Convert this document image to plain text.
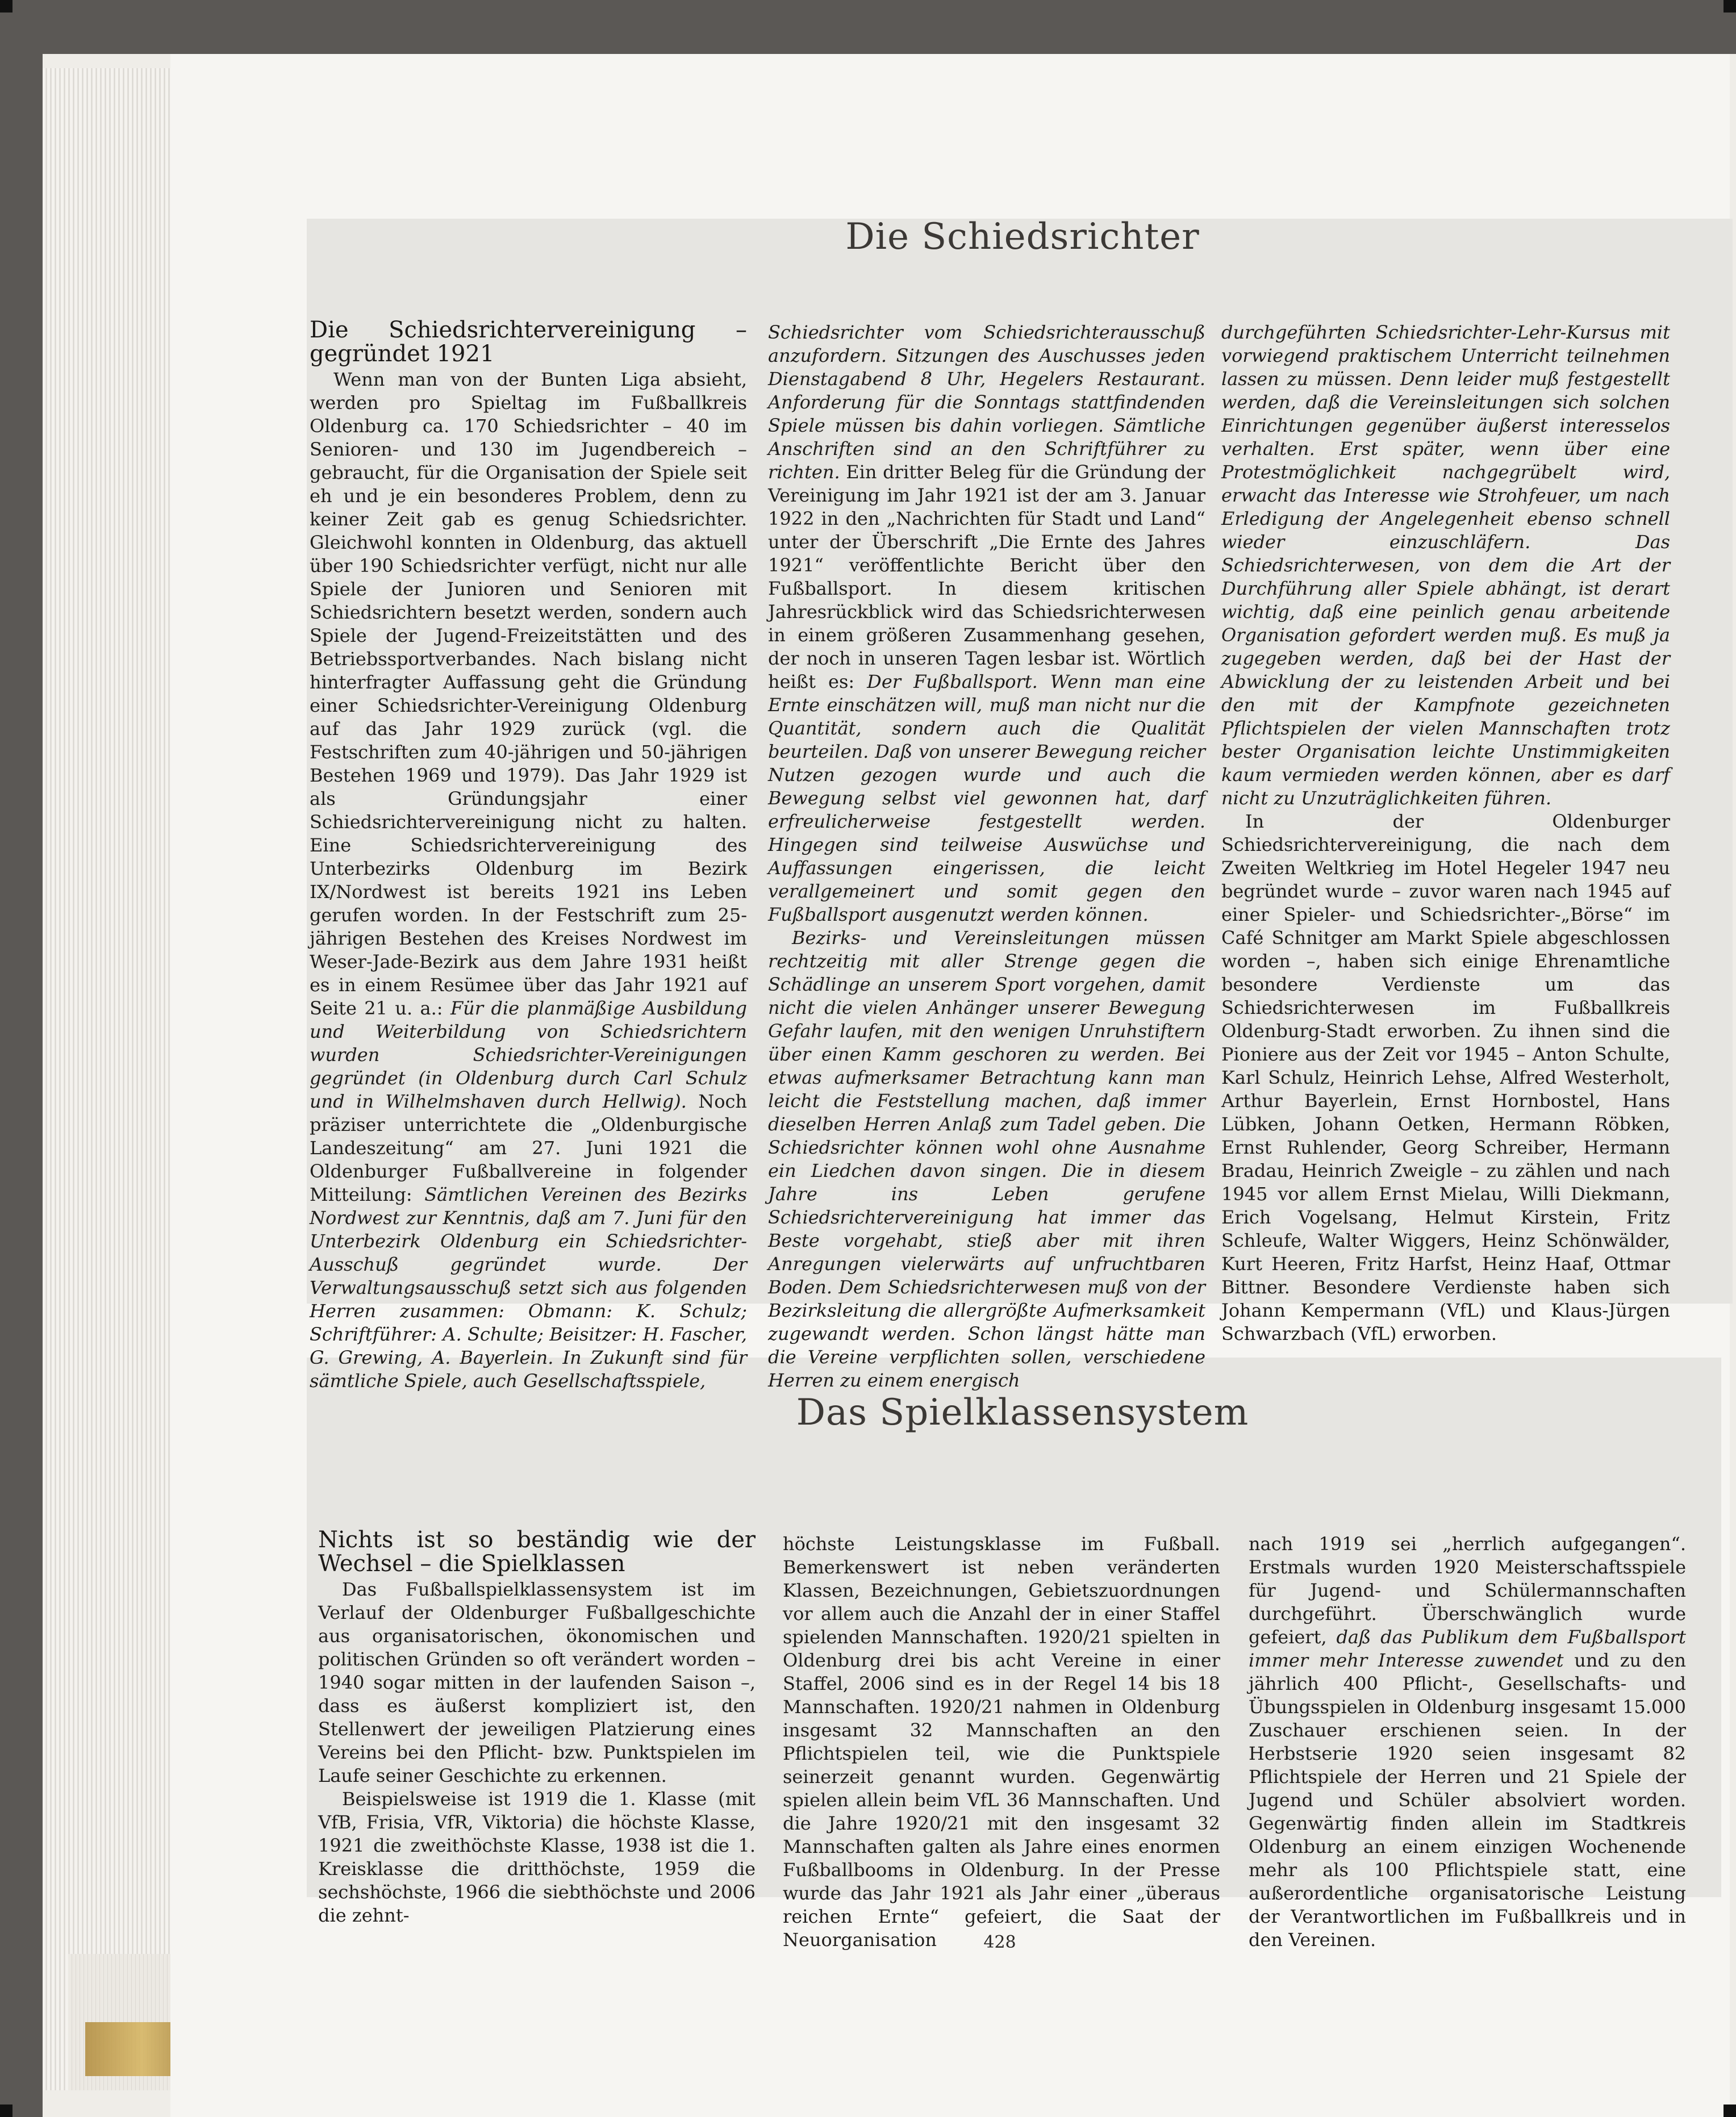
Die Schiedsrichter
Die Schiedsrichtervereinigung – gegründet 1921

Wenn man von der Bunten Liga absieht, werden pro Spieltag im Fußballkreis Oldenburg ca. 170 Schiedsrichter – 40 im Senioren- und 130 im Jugendbereich – gebraucht, für die Organisation der Spiele seit eh und je ein besonderes Problem, denn zu keiner Zeit gab es genug Schiedsrichter. Gleichwohl konnten in Oldenburg, das aktuell über 190 Schiedsrichter verfügt, nicht nur alle Spiele der Junioren und Senioren mit Schiedsrichtern besetzt werden, sondern auch Spiele der Jugend-Freizeitstätten und des Betriebssportverbandes. Nach bislang nicht hinterfragter Auffassung geht die Gründung einer Schiedsrichter-Vereinigung Oldenburg auf das Jahr 1929 zurück (vgl. die Festschriften zum 40-jährigen und 50-jährigen Bestehen 1969 und 1979). Das Jahr 1929 ist als Gründungsjahr einer Schiedsrichtervereinigung nicht zu halten. Eine Schiedsrichtervereinigung des Unterbezirks Oldenburg im Bezirk IX/Nordwest ist bereits 1921 ins Leben gerufen worden. In der Festschrift zum 25-jährigen Bestehen des Kreises Nordwest im Weser-Jade-Bezirk aus dem Jahre 1931 heißt es in einem Resümee über das Jahr 1921 auf Seite 21 u. a.: Für die planmäßige Ausbildung und Weiterbildung von Schiedsrichtern wurden Schiedsrichter-Vereinigungen gegründet (in Oldenburg durch Carl Schulz und in Wilhelmshaven durch Hellwig). Noch präziser unterrichtete die „Oldenburgische Landeszeitung“ am 27. Juni 1921 die Oldenburger Fußballvereine in folgender Mitteilung: Sämtlichen Vereinen des Bezirks Nordwest zur Kenntnis, daß am 7. Juni für den Unterbezirk Oldenburg ein Schiedsrichter-Ausschuß gegründet wurde. Der Verwaltungsausschuß setzt sich aus folgenden Herren zusammen: Obmann: K. Schulz; Schriftführer: A. Schulte; Beisitzer: H. Fascher, G. Grewing, A. Bayerlein. In Zukunft sind für sämtliche Spiele, auch Gesellschaftsspiele,

Schiedsrichter vom Schiedsrichterausschuß anzufordern. Sitzungen des Auschusses jeden Dienstagabend 8 Uhr, Hegelers Restaurant. Anforderung für die Sonntags stattfindenden Spiele müssen bis dahin vorliegen. Sämtliche Anschriften sind an den Schriftführer zu richten. Ein dritter Beleg für die Gründung der Vereinigung im Jahr 1921 ist der am 3. Januar 1922 in den „Nachrichten für Stadt und Land“ unter der Überschrift „Die Ernte des Jahres 1921“ veröffentlichte Bericht über den Fußballsport. In diesem kritischen Jahresrückblick wird das Schiedsrichterwesen in einem größeren Zusammenhang gesehen, der noch in unseren Tagen lesbar ist. Wörtlich heißt es: Der Fußballsport. Wenn man eine Ernte einschätzen will, muß man nicht nur die Quantität, sondern auch die Qualität beurteilen. Daß von unserer Bewegung reicher Nutzen gezogen wurde und auch die Bewegung selbst viel gewonnen hat, darf erfreulicherweise festgestellt werden. Hingegen sind teilweise Auswüchse und Auffassungen eingerissen, die leicht verallgemeinert und somit gegen den Fußballsport ausgenutzt werden können.

Bezirks- und Vereinsleitungen müssen rechtzeitig mit aller Strenge gegen die Schädlinge an unserem Sport vorgehen, damit nicht die vielen Anhänger unserer Bewegung Gefahr laufen, mit den wenigen Unruhstiftern über einen Kamm geschoren zu werden. Bei etwas aufmerksamer Betrachtung kann man leicht die Feststellung machen, daß immer dieselben Herren Anlaß zum Tadel geben. Die Schiedsrichter können wohl ohne Ausnahme ein Liedchen davon singen. Die in diesem Jahre ins Leben gerufene Schiedsrichtervereinigung hat immer das Beste vorgehabt, stieß aber mit ihren Anregungen vielerwärts auf unfruchtbaren Boden. Dem Schiedsrichterwesen muß von der Bezirksleitung die allergrößte Aufmerksamkeit zugewandt werden. Schon längst hätte man die Vereine verpflichten sollen, verschiedene Herren zu einem energisch

durchgeführten Schiedsrichter-Lehr-Kursus mit vorwiegend praktischem Unterricht teilnehmen lassen zu müssen. Denn leider muß festgestellt werden, daß die Vereinsleitungen sich solchen Einrichtungen gegenüber äußerst interesselos verhalten. Erst später, wenn über eine Protestmöglichkeit nachgegrübelt wird, erwacht das Interesse wie Strohfeuer, um nach Erledigung der Angelegenheit ebenso schnell wieder einzuschläfern. Das Schiedsrichterwesen, von dem die Art der Durchführung aller Spiele abhängt, ist derart wichtig, daß eine peinlich genau arbeitende Organisation gefordert werden muß. Es muß ja zugegeben werden, daß bei der Hast der Abwicklung der zu leistenden Arbeit und bei den mit der Kampfnote gezeichneten Pflichtspielen der vielen Mannschaften trotz bester Organisation leichte Unstimmigkeiten kaum vermieden werden können, aber es darf nicht zu Unzuträglichkeiten führen.

In der Oldenburger Schiedsrichtervereinigung, die nach dem Zweiten Weltkrieg im Hotel Hegeler 1947 neu begründet wurde – zuvor waren nach 1945 auf einer Spieler- und Schiedsrichter-„Börse“ im Café Schnitger am Markt Spiele abgeschlossen worden –, haben sich einige Ehrenamtliche besondere Verdienste um das Schiedsrichterwesen im Fußballkreis Oldenburg-Stadt erworben. Zu ihnen sind die Pioniere aus der Zeit vor 1945 – Anton Schulte, Karl Schulz, Heinrich Lehse, Alfred Westerholt, Arthur Bayerlein, Ernst Hornbostel, Hans Lübken, Johann Oetken, Hermann Röbken, Ernst Ruhlender, Georg Schreiber, Hermann Bradau, Heinrich Zweigle – zu zählen und nach 1945 vor allem Ernst Mielau, Willi Diekmann, Erich Vogelsang, Helmut Kirstein, Fritz Schleufe, Walter Wiggers, Heinz Schönwälder, Kurt Heeren, Fritz Harfst, Heinz Haaf, Ottmar Bittner. Besondere Verdienste haben sich Johann Kempermann (VfL) und Klaus-Jürgen Schwarzbach (VfL) erworben.

Das Spielklassensystem
Nichts ist so beständig wie der Wechsel – die Spielklassen

Das Fußballspielklassensystem ist im Verlauf der Oldenburger Fußballgeschichte aus organisatorischen, ökonomischen und politischen Gründen so oft verändert worden – 1940 sogar mitten in der laufenden Saison –, dass es äußerst kompliziert ist, den Stellenwert der jeweiligen Platzierung eines Vereins bei den Pflicht- bzw. Punktspielen im Laufe seiner Geschichte zu erkennen.

Beispielsweise ist 1919 die 1. Klasse (mit VfB, Frisia, VfR, Viktoria) die höchste Klasse, 1921 die zweithöchste Klasse, 1938 ist die 1. Kreisklasse die dritthöchste, 1959 die sechshöchste, 1966 die siebthöchste und 2006 die zehnt-

höchste Leistungsklasse im Fußball. Bemerkenswert ist neben veränderten Klassen, Bezeichnungen, Gebietszuordnungen vor allem auch die Anzahl der in einer Staffel spielenden Mannschaften. 1920/21 spielten in Oldenburg drei bis acht Vereine in einer Staffel, 2006 sind es in der Regel 14 bis 18 Mannschaften. 1920/21 nahmen in Oldenburg insgesamt 32 Mannschaften an den Pflichtspielen teil, wie die Punktspiele seinerzeit genannt wurden. Gegenwärtig spielen allein beim VfL 36 Mannschaften. Und die Jahre 1920/21 mit den insgesamt 32 Mannschaften galten als Jahre eines enormen Fußballbooms in Oldenburg. In der Presse wurde das Jahr 1921 als Jahr einer „überaus reichen Ernte“ gefeiert, die Saat der Neuorganisation

nach 1919 sei „herrlich aufgegangen“. Erstmals wurden 1920 Meisterschaftsspiele für Jugend- und Schülermannschaften durchgeführt. Überschwänglich wurde gefeiert, daß das Publikum dem Fußballsport immer mehr Interesse zuwendet und zu den jährlich 400 Pflicht-, Gesellschafts- und Übungsspielen in Oldenburg insgesamt 15.000 Zuschauer erschienen seien. In der Herbstserie 1920 seien insgesamt 82 Pflichtspiele der Herren und 21 Spiele der Jugend und Schüler absolviert worden. Gegenwärtig finden allein im Stadtkreis Oldenburg an einem einzigen Wochenende mehr als 100 Pflichtspiele statt, eine außerordentliche organisatorische Leistung der Verantwortlichen im Fußballkreis und in den Vereinen.

428
